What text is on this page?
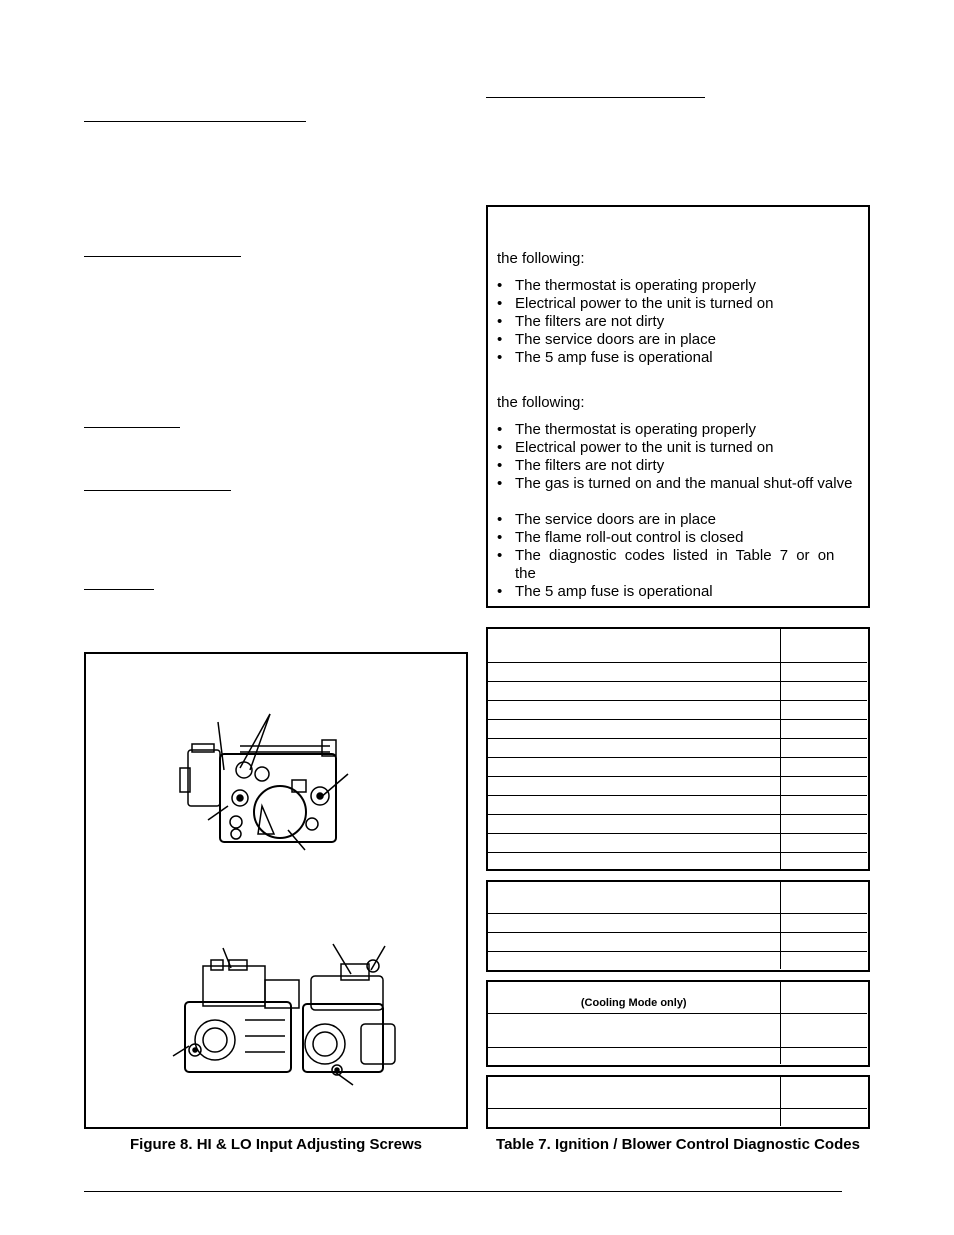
the following:
• The thermostat is operating properly
• Electrical power to the unit is turned on
• The filters are not dirty
• The service doors are in place
• The 5 amp fuse is operational
the following:
• The thermostat is operating properly
• Electrical power to the unit is turned on
• The filters are not dirty
• The gas is turned on and the manual shut-off valve
• The service doors are in place
• The flame roll-out control is closed
• The diagnostic codes listed in Table 7 or on the
• The 5 amp fuse is operational

(Cooling Mode only)	

Figure 8. HI & LO Input Adjusting Screws	Table 7. Ignition / Blower Control Diagnostic Codes
